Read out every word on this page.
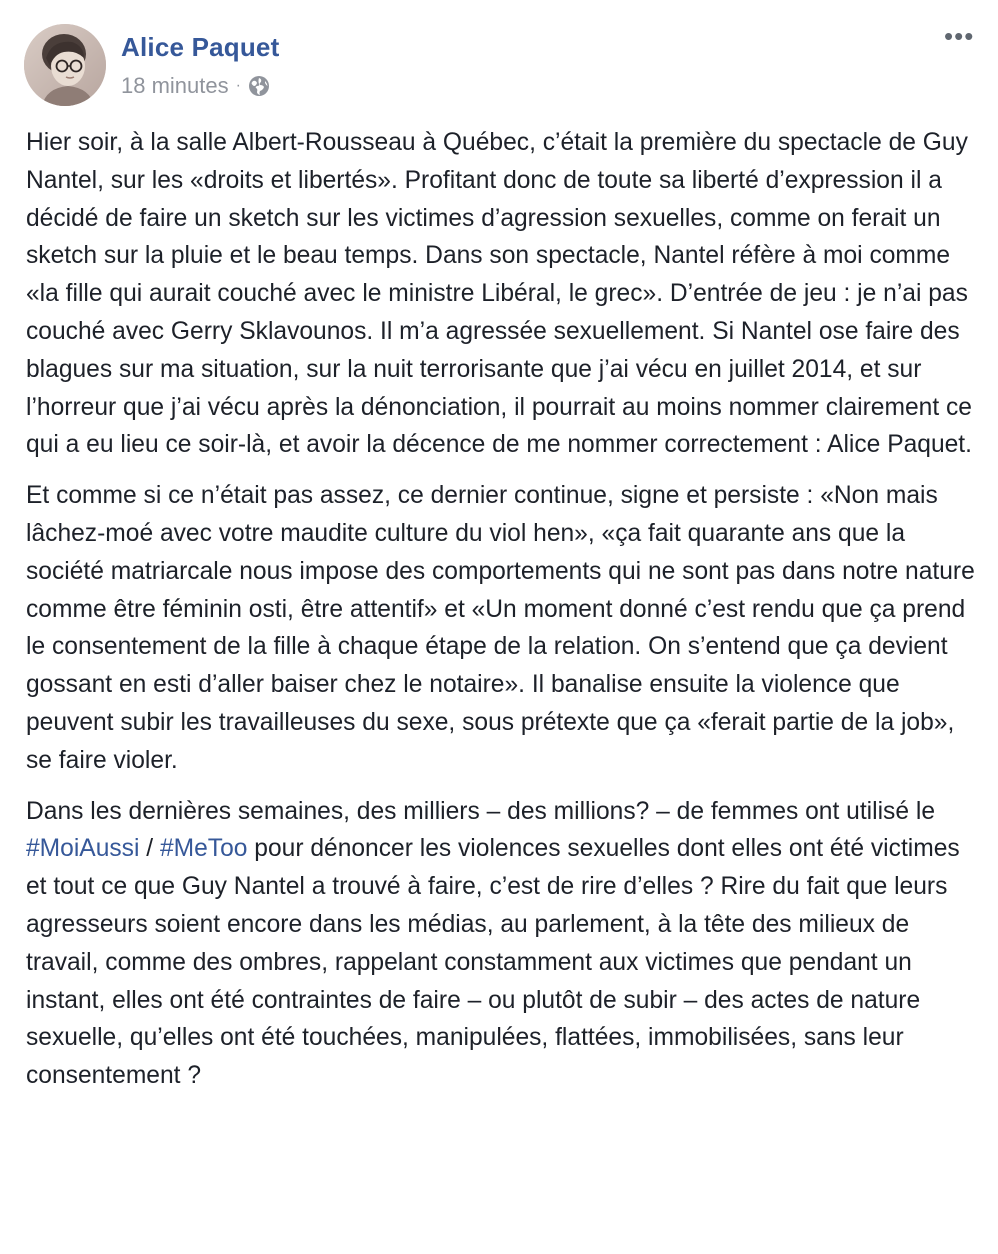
Alice Paquet
18 minutes ·
•••

Hier soir, à la salle Albert-Rousseau à Québec, c’était la première du spectacle de Guy Nantel, sur les «droits et libertés». Profitant donc de toute sa liberté d’expression il a décidé de faire un sketch sur les victimes d’agression sexuelles, comme on ferait un sketch sur la pluie et le beau temps. Dans son spectacle, Nantel réfère à moi comme «la fille qui aurait couché avec le ministre Libéral, le grec». D’entrée de jeu : je n’ai pas couché avec Gerry Sklavounos. Il m’a agressée sexuellement. Si Nantel ose faire des blagues sur ma situation, sur la nuit terrorisante que j’ai vécu en juillet 2014, et sur l’horreur que j’ai vécu après la dénonciation, il pourrait au moins nommer clairement ce qui a eu lieu ce soir-là, et avoir la décence de me nommer correctement : Alice Paquet.

Et comme si ce n’était pas assez, ce dernier continue, signe et persiste : «Non mais lâchez-moé avec votre maudite culture du viol hen», «ça fait quarante ans que la société matriarcale nous impose des comportements qui ne sont pas dans notre nature comme être féminin osti, être attentif» et «Un moment donné c’est rendu que ça prend le consentement de la fille à chaque étape de la relation. On s’entend que ça devient gossant en esti d’aller baiser chez le notaire». Il banalise ensuite la violence que peuvent subir les travailleuses du sexe, sous prétexte que ça «ferait partie de la job», se faire violer.

Dans les dernières semaines, des milliers – des millions? – de femmes ont utilisé le #MoiAussi / #MeToo pour dénoncer les violences sexuelles dont elles ont été victimes et tout ce que Guy Nantel a trouvé à faire, c’est de rire d’elles ? Rire du fait que leurs agresseurs soient encore dans les médias, au parlement, à la tête des milieux de travail, comme des ombres, rappelant constamment aux victimes que pendant un instant, elles ont été contraintes de faire – ou plutôt de subir – des actes de nature sexuelle, qu’elles ont été touchées, manipulées, flattées, immobilisées, sans leur consentement ?
